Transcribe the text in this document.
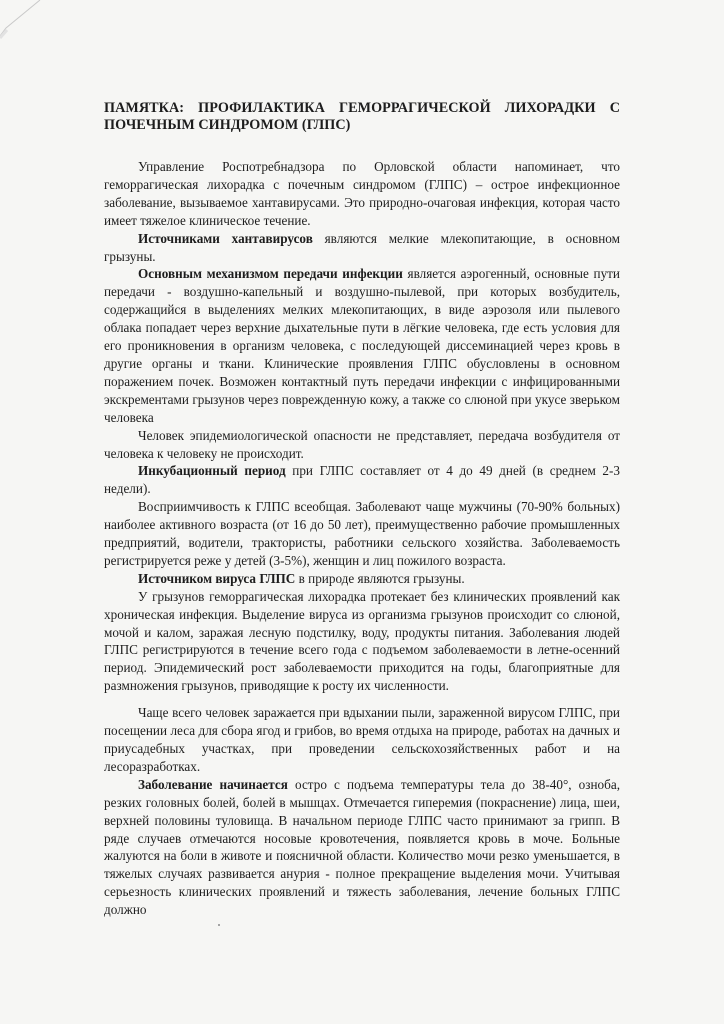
ПАМЯТКА: ПРОФИЛАКТИКА ГЕМОРРАГИЧЕСКОЙ ЛИХОРАДКИ С ПОЧЕЧНЫМ СИНДРОМОМ (ГЛПС)

Управление Роспотребнадзора по Орловской области напоминает, что геморрагическая лихорадка с почечным синдромом (ГЛПС) – острое инфекционное заболевание, вызываемое хантавирусами. Это природно-очаговая инфекция, которая часто имеет тяжелое клиническое течение.

Источниками хантавирусов являются мелкие млекопитающие, в основном грызуны.

Основным механизмом передачи инфекции является аэрогенный, основные пути передачи - воздушно-капельный и воздушно-пылевой, при которых возбудитель, содержащийся в выделениях мелких млекопитающих, в виде аэрозоля или пылевого облака попадает через верхние дыхательные пути в лёгкие человека, где есть условия для его проникновения в организм человека, с последующей диссеминацией через кровь в другие органы и ткани. Клинические проявления ГЛПС обусловлены в основном поражением почек. Возможен контактный путь передачи инфекции с инфицированными экскрементами грызунов через поврежденную кожу, а также со слюной при укусе зверьком человека

Человек эпидемиологической опасности не представляет, передача возбудителя от человека к человеку не происходит.

Инкубационный период при ГЛПС составляет от 4 до 49 дней (в среднем 2-3 недели).

Восприимчивость к ГЛПС всеобщая. Заболевают чаще мужчины (70-90% больных) наиболее активного возраста (от 16 до 50 лет), преимущественно рабочие промышленных предприятий, водители, трактористы, работники сельского хозяйства. Заболеваемость регистрируется реже у детей (3-5%), женщин и лиц пожилого возраста.

Источником вируса ГЛПС в природе являются грызуны.

У грызунов геморрагическая лихорадка протекает без клинических проявлений как хроническая инфекция. Выделение вируса из организма грызунов происходит со слюной, мочой и калом, заражая лесную подстилку, воду, продукты питания. Заболевания людей ГЛПС регистрируются в течение всего года с подъемом заболеваемости в летне-осенний период. Эпидемический рост заболеваемости приходится на годы, благоприятные для размножения грызунов, приводящие к росту их численности.

Чаще всего человек заражается при вдыхании пыли, зараженной вирусом ГЛПС, при посещении леса для сбора ягод и грибов, во время отдыха на природе, работах на дачных и приусадебных участках, при проведении сельскохозяйственных работ и на лесоразработках.

Заболевание начинается остро с подъема температуры тела до 38-40°, озноба, резких головных болей, болей в мышцах. Отмечается гиперемия (покраснение) лица, шеи, верхней половины туловища. В начальном периоде ГЛПС часто принимают за грипп. В ряде случаев отмечаются носовые кровотечения, появляется кровь в моче. Больные жалуются на боли в животе и поясничной области. Количество мочи резко уменьшается, в тяжелых случаях развивается анурия - полное прекращение выделения мочи. Учитывая серьезность клинических проявлений и тяжесть заболевания, лечение больных ГЛПС должно
